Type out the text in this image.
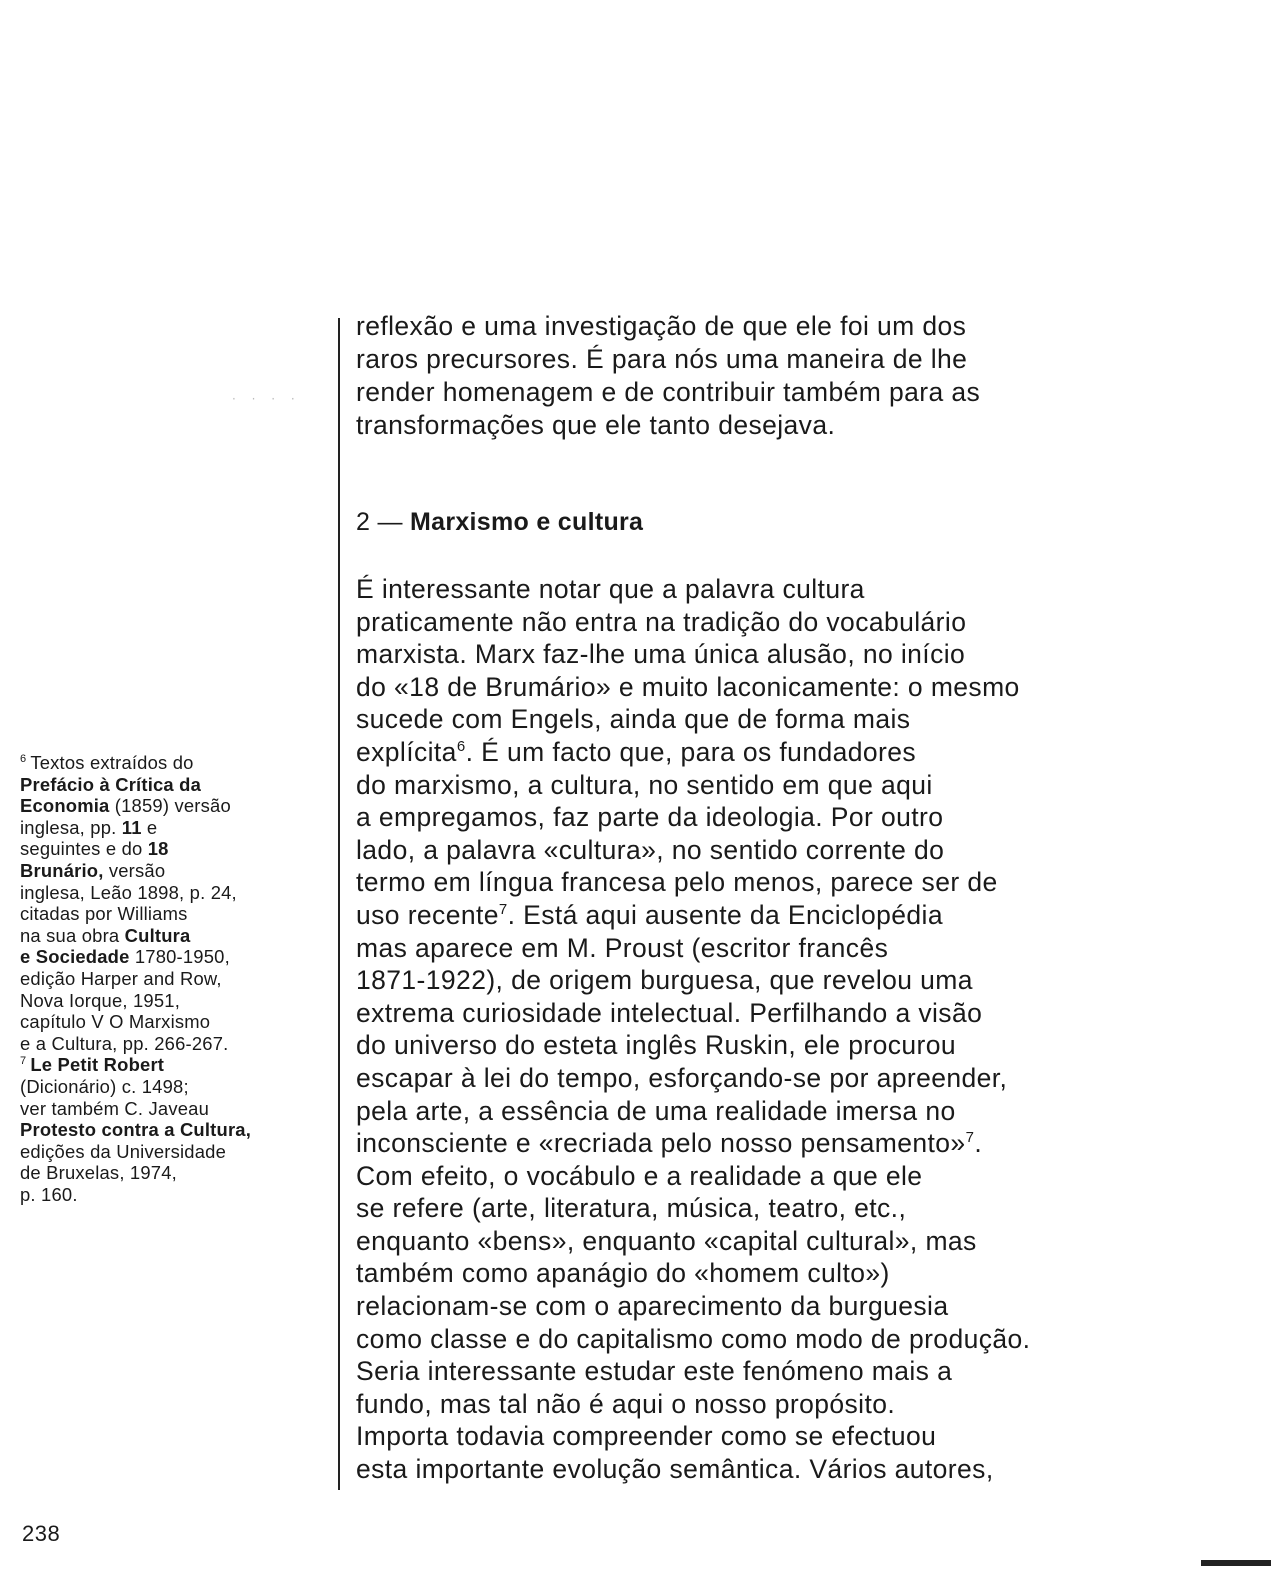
· · · ·
reflexão e uma investigação de que ele foi um dos
raros precursores. É para nós uma maneira de lhe
render homenagem e de contribuir também para as
transformações que ele tanto desejava.
2 — Marxismo e cultura
É interessante notar que a palavra cultura
praticamente não entra na tradição do vocabulário
marxista. Marx faz-lhe uma única alusão, no início
do «18 de Brumário» e muito laconicamente: o mesmo
sucede com Engels, ainda que de forma mais
explícita$^6$. É um facto que, para os fundadores
do marxismo, a cultura, no sentido em que aqui
a empregamos, faz parte da ideologia. Por outro
lado, a palavra «cultura», no sentido corrente do
termo em língua francesa pelo menos, parece ser de
uso recente$^7$. Está aqui ausente da Enciclopédia
mas aparece em M. Proust (escritor francês
1871-1922), de origem burguesa, que revelou uma
extrema curiosidade intelectual. Perfilhando a visão
do universo do esteta inglês Ruskin, ele procurou
escapar à lei do tempo, esforçando-se por apreender,
pela arte, a essência de uma realidade imersa no
inconsciente e «recriada pelo nosso pensamento»$^7$.
Com efeito, o vocábulo e a realidade a que ele
se refere (arte, literatura, música, teatro, etc.,
enquanto «bens», enquanto «capital cultural», mas
também como apanágio do «homem culto»)
relacionam-se com o aparecimento da burguesia
como classe e do capitalismo como modo de produção.
Seria interessante estudar este fenómeno mais a
fundo, mas tal não é aqui o nosso propósito.
Importa todavia compreender como se efectuou
esta importante evolução semântica. Vários autores,
$^6$ Textos extraídos do
Prefácio à Crítica da
Economia (1859) versão
inglesa, pp. 11 e
seguintes e do 18
Brunário, versão
inglesa, Leão 1898, p. 24,
citadas por Williams
na sua obra Cultura
e Sociedade 1780-1950,
edição Harper and Row,
Nova Iorque, 1951,
capítulo V O Marxismo
e a Cultura, pp. 266-267.
$^7$ Le Petit Robert
(Dicionário) c. 1498;
ver também C. Javeau
Protesto contra a Cultura,
edições da Universidade
de Bruxelas, 1974,
p. 160.
238
